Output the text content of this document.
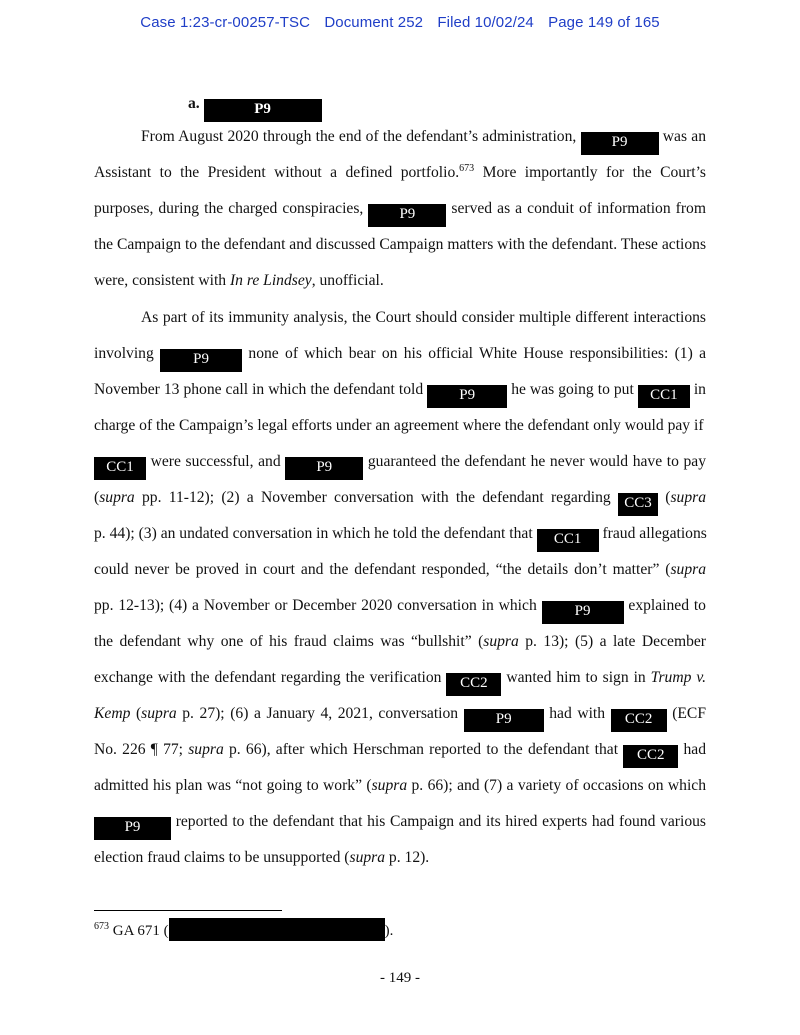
Case 1:23-cr-00257-TSC Document 252 Filed 10/02/24 Page 149 of 165
a.	P9
From August 2020 through the end of the defendant’s administration, P9 was an
Assistant to the President without a defined portfolio.$^{673}$ More importantly for the Court’s
purposes, during the charged conspiracies, P9 served as a conduit of information from
the Campaign to the defendant and discussed Campaign matters with the defendant. These actions
were, consistent with In re Lindsey, unofficial.
As part of its immunity analysis, the Court should consider multiple different interactions
involving	P9	none of which bear on his official White House responsibilities: (1) a
November 13 phone call in which the defendant told P9 he was going to put CC1 in
charge of the Campaign’s legal efforts under an agreement where the defendant only would pay if
CC1 were successful, and P9 guaranteed the defendant he never would have to pay
(supra pp. 11-12); (2) a November conversation with the defendant regarding CC3 (supra
p. 44); (3) an undated conversation in which he told the defendant that CC1 fraud allegations
could never be proved in court and the defendant responded, “the details don’t matter” (supra
pp. 12-13); (4) a November or December 2020 conversation in which	P9 explained to
the defendant why one of his fraud claims was “bullshit” (supra p. 13); (5) a late December
exchange with the defendant regarding the verification CC2 wanted him to sign in Trump v.
Kemp (supra p. 27); (6) a January 4, 2021, conversation	P9 had with CC2 (ECF
No. 226 ¶ 77; supra p. 66), after which Herschman reported to the defendant that CC2 had
admitted his plan was “not going to work” (supra p. 66); and (7) a variety of occasions on which
P9 reported to the defendant that his Campaign and its hired experts had found various
election fraud claims to be unsupported (supra p. 12).
$^{673}$ GA 671 (	).
- 149 -
